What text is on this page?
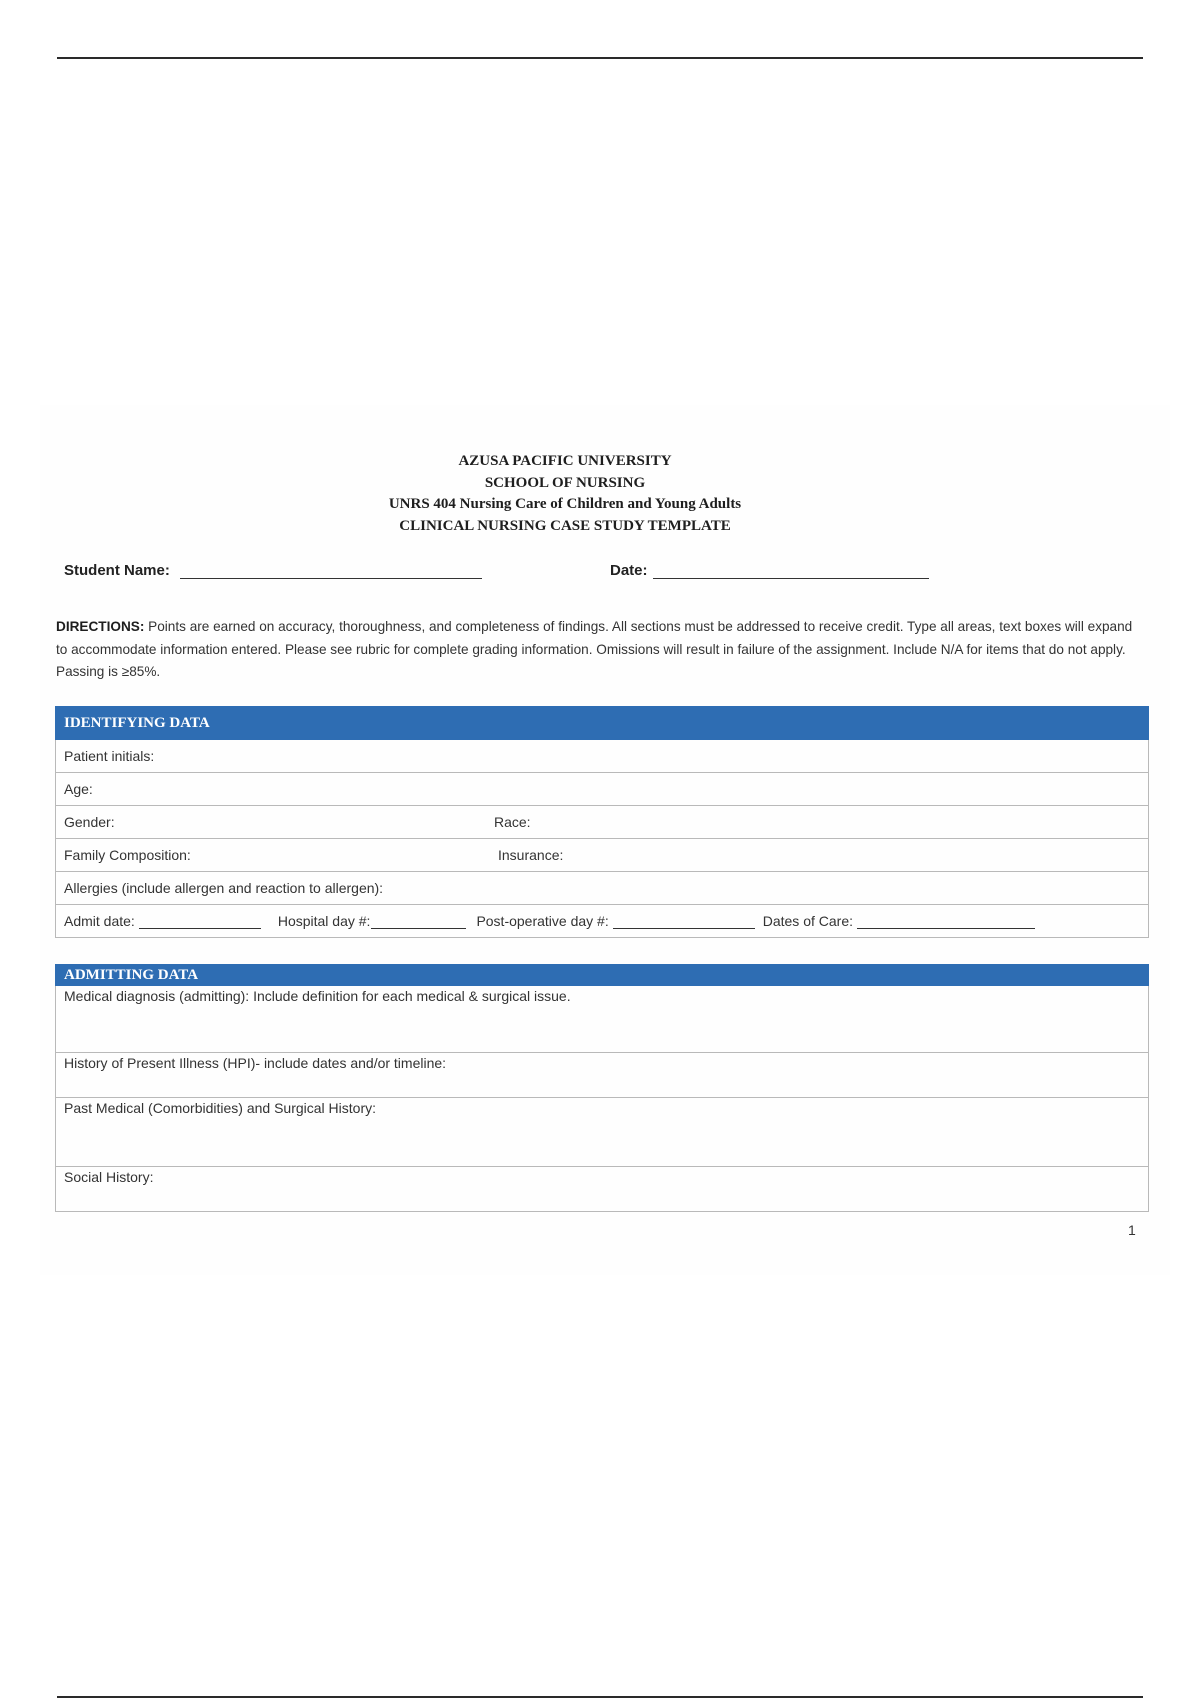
AZUSA PACIFIC UNIVERSITY
SCHOOL OF NURSING
UNRS 404 Nursing Care of Children and Young Adults
CLINICAL NURSING CASE STUDY TEMPLATE
Student Name:	Date:
DIRECTIONS: Points are earned on accuracy, thoroughness, and completeness of findings. All sections must be addressed to receive credit. Type all areas, text boxes will expand to accommodate information entered. Please see rubric for complete grading information. Omissions will result in failure of the assignment. Include N/A for items that do not apply. Passing is ≥85%.
IDENTIFYING DATA
Patient initials:
Age:

Gender:	Race:

Family Composition:	Insurance:

Allergies (include allergen and reaction to allergen):

Admit date:	Hospital day #:	Post-operative day #:	Dates of Care:
ADMITTING DATA
Medical diagnosis (admitting): Include definition for each medical & surgical issue.
History of Present Illness (HPI)- include dates and/or timeline:
Past Medical (Comorbidities) and Surgical History:
Social History:
1
